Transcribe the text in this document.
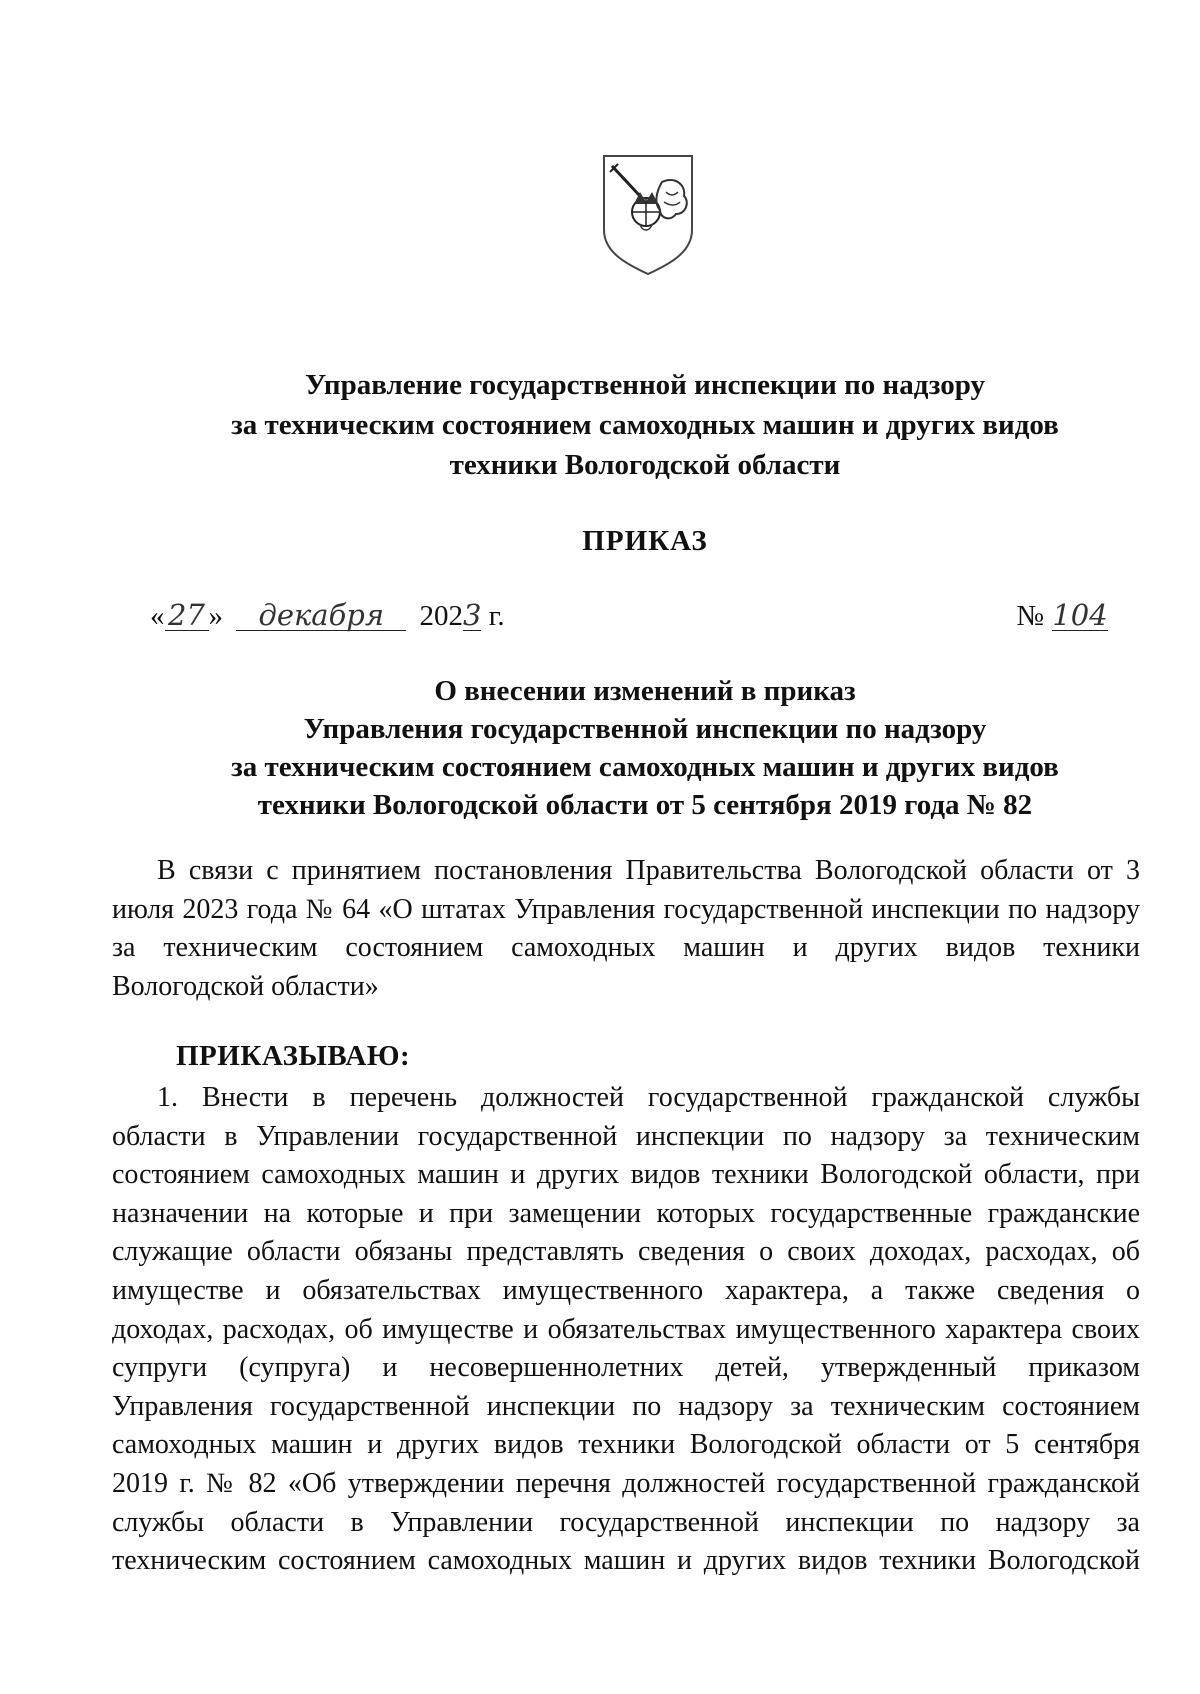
Управление государственной инспекции по надзору
за техническим состоянием самоходных машин и других видов
техники Вологодской области
ПРИКАЗ
« 27 » декабря 2023 г.	№ 104
О внесении изменений в приказ
Управления государственной инспекции по надзору
за техническим состоянием самоходных машин и других видов
техники Вологодской области от 5 сентября 2019 года № 82
В связи с принятием постановления Правительства Вологодской области от 3
июля 2023 года № 64 «О штатах Управления государственной инспекции по надзору
за техническим состоянием самоходных машин и других видов техники
Вологодской области»
ПРИКАЗЫВАЮ:
1. Внести в перечень должностей государственной гражданской службы
области в Управлении государственной инспекции по надзору за техническим
состоянием самоходных машин и других видов техники Вологодской области, при
назначении на которые и при замещении которых государственные гражданские
служащие области обязаны представлять сведения о своих доходах, расходах, об
имуществе и обязательствах имущественного характера, а также сведения о
доходах, расходах, об имуществе и обязательствах имущественного характера своих
супруги (супруга) и несовершеннолетних детей, утвержденный приказом
Управления государственной инспекции по надзору за техническим состоянием
самоходных машин и других видов техники Вологодской области от 5 сентября
2019 г. № 82 «Об утверждении перечня должностей государственной гражданской
службы области в Управлении государственной инспекции по надзору за
техническим состоянием самоходных машин и других видов техники Вологодской
